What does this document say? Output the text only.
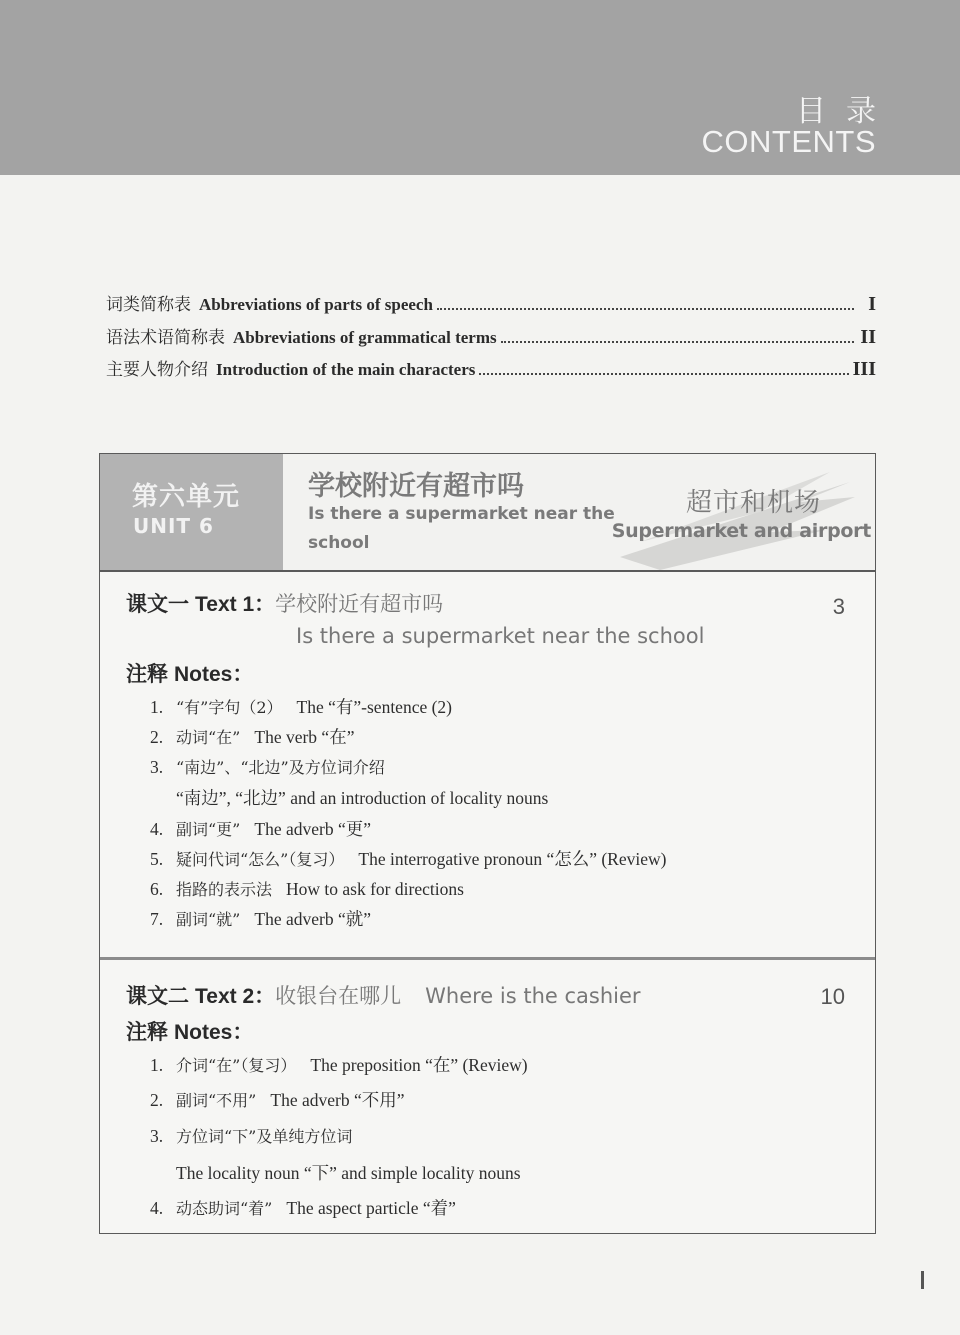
目录
CONTENTS
词类简称表 Abbreviations of parts of speech	I
语法术语简称表 Abbreviations of grammatical terms	II
主要人物介绍 Introduction of the main characters	III
第六单元
UNIT 6
学校附近有超市吗
Is there a supermarket near the school
超市和机场
Supermarket and airport
课文一 Text 1：学校附近有超市吗
Is there a supermarket near the school
3
注释 Notes：
1. “有”字句（2） The “有”-sentence (2)
2. 动词“在” The verb “在”
3. “南边”、“北边”及方位词介绍
“南边”, “北边” and an introduction of locality nouns
4. 副词“更” The adverb “更”
5. 疑问代词“怎么”（复习） The interrogative pronoun “怎么” (Review)
6. 指路的表示法 How to ask for directions
7. 副词“就” The adverb “就”
课文二 Text 2：收银台在哪儿 Where is the cashier	10
注释 Notes：
1. 介词“在”（复习） The preposition “在” (Review)
2. 副词“不用” The adverb “不用”
3. 方位词“下”及单纯方位词
The locality noun “下” and simple locality nouns
4. 动态助词“着” The aspect particle “着”
